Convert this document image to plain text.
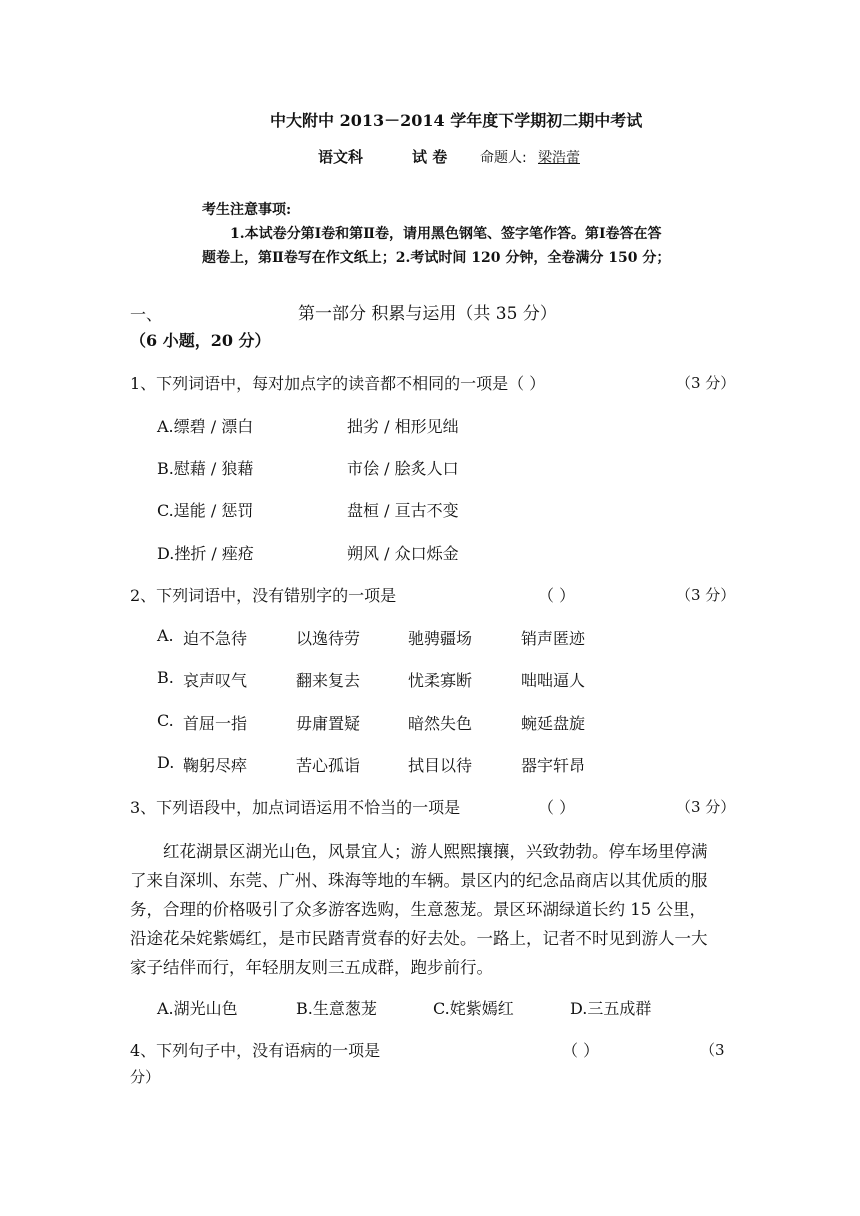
中大附中 2013－2014 学年度下学期初二期中考试
语文科	试 卷 命题人: 梁浩蕾
考生注意事项:
1.本试卷分第Ⅰ卷和第Ⅱ卷，请用黑色钢笔、签字笔作答。第Ⅰ卷答在答
题卷上，第Ⅱ卷写在作文纸上；2.考试时间 120 分钟，全卷满分 150 分；
一、	第一部分 积累与运用（共 35 分）
（6 小题，20 分）
1、下列词语中，每对加点字的读音都不相同的一项是（ ）	（3 分）
A.缥碧 / 漂白	拙劣 / 相形见绌
B.慰藉 / 狼藉	市侩 / 脍炙人口
C.逞能 / 惩罚	盘桓 / 亘古不变
D.挫折 / 痤疮	朔风 / 众口烁金
2、下列词语中，没有错别字的一项是	（ ）	（3 分）
A. 迫不急待	以逸待劳	驰骋疆场	销声匿迹
B. 哀声叹气	翻来复去	忧柔寡断	咄咄逼人
C. 首屈一指	毋庸置疑	暗然失色	蜿延盘旋
D. 鞠躬尽瘁	苦心孤诣	拭目以待	器宇轩昂
3、下列语段中，加点词语运用不恰当的一项是	（ ）	（3 分）
红花湖景区湖光山色，风景宜人；游人熙熙攘攘，兴致勃勃。停车场里停满
了来自深圳、东莞、广州、珠海等地的车辆。景区内的纪念品商店以其优质的服
务，合理的价格吸引了众多游客选购，生意葱茏。景区环湖绿道长约 15 公里，
沿途花朵姹紫嫣红，是市民踏青赏春的好去处。一路上，记者不时见到游人一大
家子结伴而行，年轻朋友则三五成群，跑步前行。
A.湖光山色	B.生意葱茏	C.姹紫嫣红	D.三五成群
4、下列句子中，没有语病的一项是	（ ）	（3
分）
